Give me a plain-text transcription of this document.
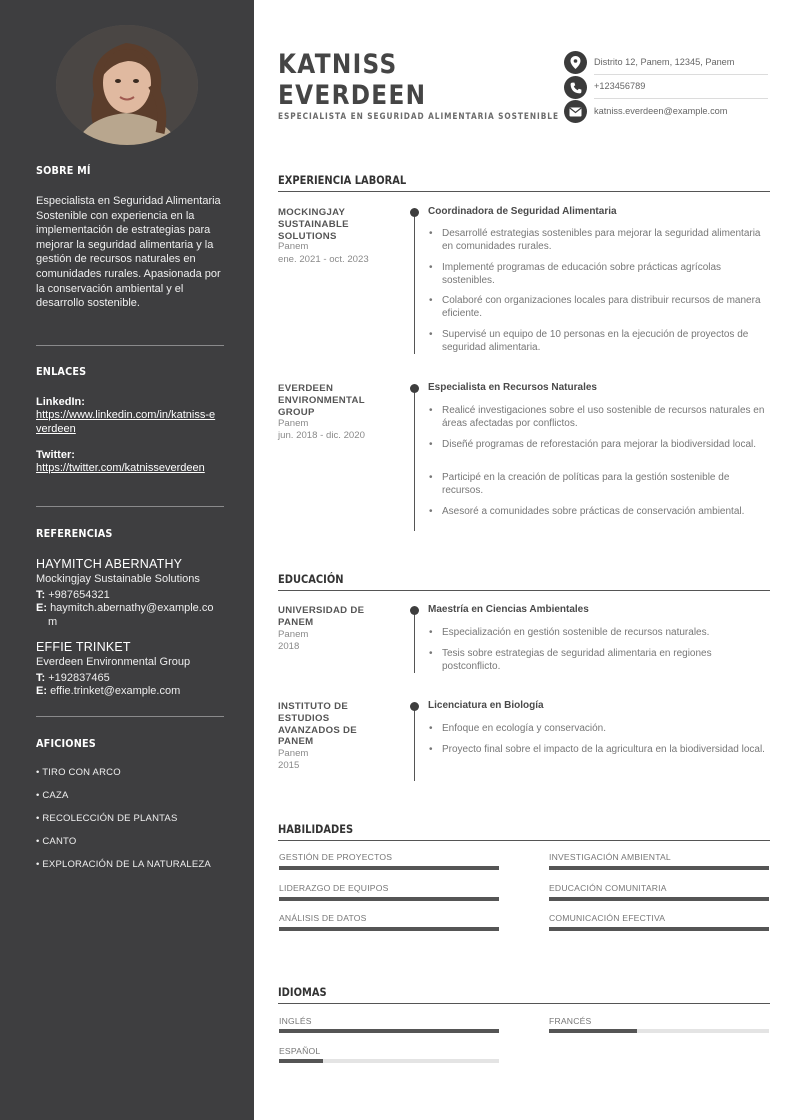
SOBRE MÍ
Especialista en Seguridad Alimentaria Sostenible con experiencia en la implementación de estrategias para mejorar la seguridad alimentaria y la gestión de recursos naturales en comunidades rurales. Apasionada por la conservación ambiental y el desarrollo sostenible.
ENLACES
LinkedIn:
https://www.linkedin.com/in/katniss-everdeen
Twitter:
https://twitter.com/katnisseverdeen
REFERENCIAS
HAYMITCH ABERNATHY
Mockingjay Sustainable Solutions
T: +987654321
E: haymitch.abernathy@example.com
EFFIE TRINKET
Everdeen Environmental Group
T: +192837465
E: effie.trinket@example.com
AFICIONES
• TIRO CON ARCO
• CAZA
• RECOLECCIÓN DE PLANTAS
• CANTO
• EXPLORACIÓN DE LA NATURALEZA
KATNISS
EVERDEEN
ESPECIALISTA EN SEGURIDAD ALIMENTARIA SOSTENIBLE
Distrito 12, Panem, 12345, Panem
+123456789
katniss.everdeen@example.com
EXPERIENCIA LABORAL
MOCKINGJAY SUSTAINABLE SOLUTIONS
Panem
ene. 2021 - oct. 2023
Coordinadora de Seguridad Alimentaria
• Desarrollé estrategias sostenibles para mejorar la seguridad alimentaria en comunidades rurales.
• Implementé programas de educación sobre prácticas agrícolas sostenibles.
• Colaboré con organizaciones locales para distribuir recursos de manera eficiente.
• Supervisé un equipo de 10 personas en la ejecución de proyectos de seguridad alimentaria.
EVERDEEN ENVIRONMENTAL GROUP
Panem
jun. 2018 - dic. 2020
Especialista en Recursos Naturales
• Realicé investigaciones sobre el uso sostenible de recursos naturales en áreas afectadas por conflictos.
• Diseñé programas de reforestación para mejorar la biodiversidad local.
• Participé en la creación de políticas para la gestión sostenible de recursos.
• Asesoré a comunidades sobre prácticas de conservación ambiental.
EDUCACIÓN
UNIVERSIDAD DE PANEM
Panem
2018
Maestría en Ciencias Ambientales
• Especialización en gestión sostenible de recursos naturales.
• Tesis sobre estrategias de seguridad alimentaria en regiones postconflicto.
INSTITUTO DE ESTUDIOS AVANZADOS DE PANEM
Panem
2015
Licenciatura en Biología
• Enfoque en ecología y conservación.
• Proyecto final sobre el impacto de la agricultura en la biodiversidad local.
HABILIDADES
GESTIÓN DE PROYECTOS	INVESTIGACIÓN AMBIENTAL
LIDERAZGO DE EQUIPOS	EDUCACIÓN COMUNITARIA
ANÁLISIS DE DATOS	COMUNICACIÓN EFECTIVA
IDIOMAS
INGLÉS	FRANCÉS
ESPAÑOL
